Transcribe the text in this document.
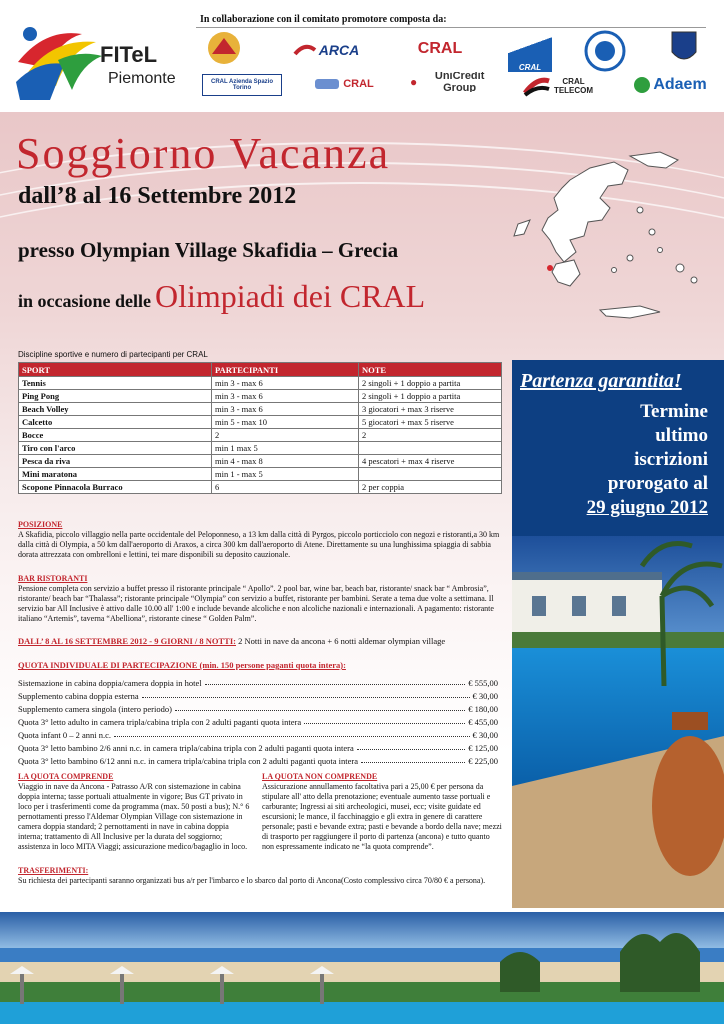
In collaborazione con il comitato promotore composta da:
FITeL
Piemonte
ARCA	CRAL
CRAL
CRAL Azienda Spazio Torino	CRAL	●	UniCredit Group
CRAL TELECOM	Adaem
Soggiorno Vacanza
dall’8 al 16 Settembre 2012
presso Olympian Village Skafidia – Grecia
in occasione delle Olimpiadi dei CRAL
Discipline sportive e numero di partecipanti per CRAL
SPORT	PARTECIPANTI	NOTE
Tennis	min 3 - max 6	2 singoli + 1 doppio a partita
Ping Pong	min 3 - max 6	2 singoli + 1 doppio a partita
Beach Volley	min 3 - max 6	3 giocatori + max 3 riserve
Calcetto	min 5 - max 10	5 giocatori + max 5 riserve
Bocce	2	2
Tiro con l'arco	min 1 max 5	
Pesca da riva	min 4 - max 8	4 pescatori + max 4 riserve
Mini maratona	min 1 - max 5	
Scopone Pinnacola Burraco	6	2 per coppia
Partenza garantita!
Termine
ultimo
iscrizioni
prorogato al
29 giugno 2012
POSIZIONE
A Skafidia, piccolo villaggio nella parte occidentale del Peloponneso, a 13 km dalla città di Pyrgos, piccolo porticciolo con negozi e ristoranti,a 30 km dalla città di Olympia, a 50 km dall'aeroporto di Araxos, a circa 300 km dall'aeroporto di Atene. Direttamente su una lunghissima spiaggia di sabbia dorata attrezzata con ombrelloni e lettini, tei mare disponibili su deposito cauzionale.
BAR RISTORANTI
Pensione completa con servizio a buffet presso il ristorante principale “ Apollo”. 2 pool bar, wine bar, beach bar, ristorante/ snack bar “ Ambrosia”, ristorante/ beach bar “Thalassa”; ristorante principale “Olympia” con servizio a buffet, ristorante per bambini. Serate a tema due volte a settimana. Il servizio bar All Inclusive è attivo dalle 10.00 all' 1:00 e include bevande alcoliche e non alcoliche nazionali e internazionali. A pagamento: ristorante italiano “Artemis”, taverna “Abelliona”, ristorante cinese “ Golden Palm”.
DALL’ 8 AL 16 SETTEMBRE 2012 - 9 GIORNI / 8 NOTTI: 2 Notti in nave da ancona + 6 notti aldemar olympian village
QUOTA INDIVIDUALE DI PARTECIPAZIONE (min. 150 persone paganti quota intera):
Sistemazione in cabina doppia/camera doppia in hotel	€ 555,00
Supplemento cabina doppia esterna	€ 30,00
Supplemento camera singola (intero periodo)	€ 180,00
Quota 3° letto adulto in camera tripla/cabina tripla con 2 adulti paganti quota intera	€ 455,00
Quota infant 0 – 2 anni n.c.	€ 30,00
Quota 3° letto bambino 2/6 anni n.c. in camera tripla/cabina tripla con 2 adulti paganti quota intera	€ 125,00
Quota 3° letto bambino 6/12 anni n.c. in camera tripla/cabina tripla con 2 adulti paganti quota intera	€ 225,00
LA QUOTA COMPRENDE
Viaggio in nave da Ancona - Patrasso A/R con sistemazione in cabina doppia interna; tasse portuali attualmente in vigore; Bus GT privato in loco per i trasferimenti come da programma (max. 50 posti a bus); N.° 6 pernottamenti presso l'Aldemar Olympian Village con sistemazione in camera doppia standard; 2 pernottamenti in nave in cabina doppia interna; trattamento di All Inclusive per la durata del soggiorno; assistenza in loco MITA Viaggi; assicurazione medico/bagaglio in loco.
LA QUOTA NON COMPRENDE
Assicurazione annullamento facoltativa pari a 25,00 € per persona da stipulare all' atto della prenotazione; eventuale aumento tasse portuali e carburante; Ingressi ai siti archeologici, musei, ecc; visite guidate ed escursioni; le mance, il facchinaggio e gli extra in genere di carattere personale; pasti e bevande extra; pasti e bevande a bordo della nave; mezzi di trasporto per raggiungere il porto di partenza (ancona) e tutto quanto non espressamente indicato ne “la quota comprende”.
TRASFERIMENTI:
Su richiesta dei partecipanti saranno organizzati bus a/r per l'imbarco e lo sbarco dal porto di Ancona(Costo complessivo circa 70/80 € a persona).
